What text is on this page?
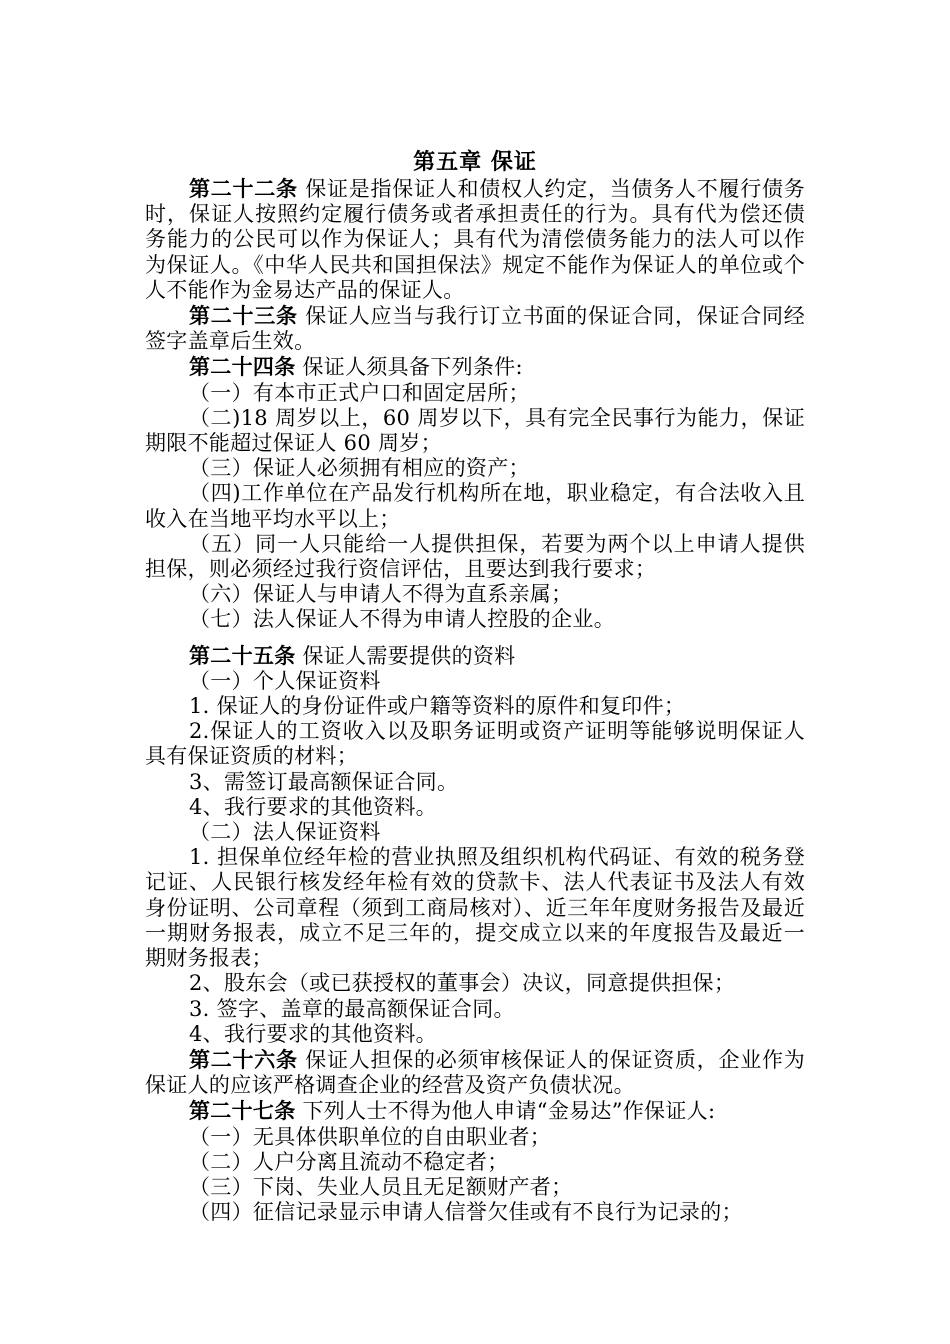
第五章 保证

第二十二条 保证是指保证人和债权人约定，当债务人不履行债务时，保证人按照约定履行债务或者承担责任的行为。具有代为偿还债务能力的公民可以作为保证人；具有代为清偿债务能力的法人可以作为保证人。《中华人民共和国担保法》规定不能作为保证人的单位或个人不能作为金易达产品的保证人。

第二十三条 保证人应当与我行订立书面的保证合同，保证合同经签字盖章后生效。

第二十四条 保证人须具备下列条件:

（一）有本市正式户口和固定居所；

（二)18 周岁以上，60 周岁以下，具有完全民事行为能力，保证期限不能超过保证人 60 周岁；

（三）保证人必须拥有相应的资产；

（四)工作单位在产品发行机构所在地，职业稳定，有合法收入且收入在当地平均水平以上；

（五）同一人只能给一人提供担保，若要为两个以上申请人提供担保，则必须经过我行资信评估，且要达到我行要求；

（六）保证人与申请人不得为直系亲属；

（七）法人保证人不得为申请人控股的企业。

第二十五条 保证人需要提供的资料

（一）个人保证资料

1. 保证人的身份证件或户籍等资料的原件和复印件；

2.保证人的工资收入以及职务证明或资产证明等能够说明保证人具有保证资质的材料；

3、需签订最高额保证合同。

4、我行要求的其他资料。

（二）法人保证资料

1. 担保单位经年检的营业执照及组织机构代码证、有效的税务登记证、人民银行核发经年检有效的贷款卡、法人代表证书及法人有效身份证明、公司章程（须到工商局核对）、近三年年度财务报告及最近一期财务报表，成立不足三年的，提交成立以来的年度报告及最近一期财务报表；

2、股东会（或已获授权的董事会）决议，同意提供担保；

3. 签字、盖章的最高额保证合同。

4、我行要求的其他资料。

第二十六条 保证人担保的必须审核保证人的保证资质，企业作为保证人的应该严格调查企业的经营及资产负债状况。

第二十七条 下列人士不得为他人申请“金易达”作保证人:

（一）无具体供职单位的自由职业者；

（二）人户分离且流动不稳定者；

（三）下岗、失业人员且无足额财产者；

（四）征信记录显示申请人信誉欠佳或有不良行为记录的；
